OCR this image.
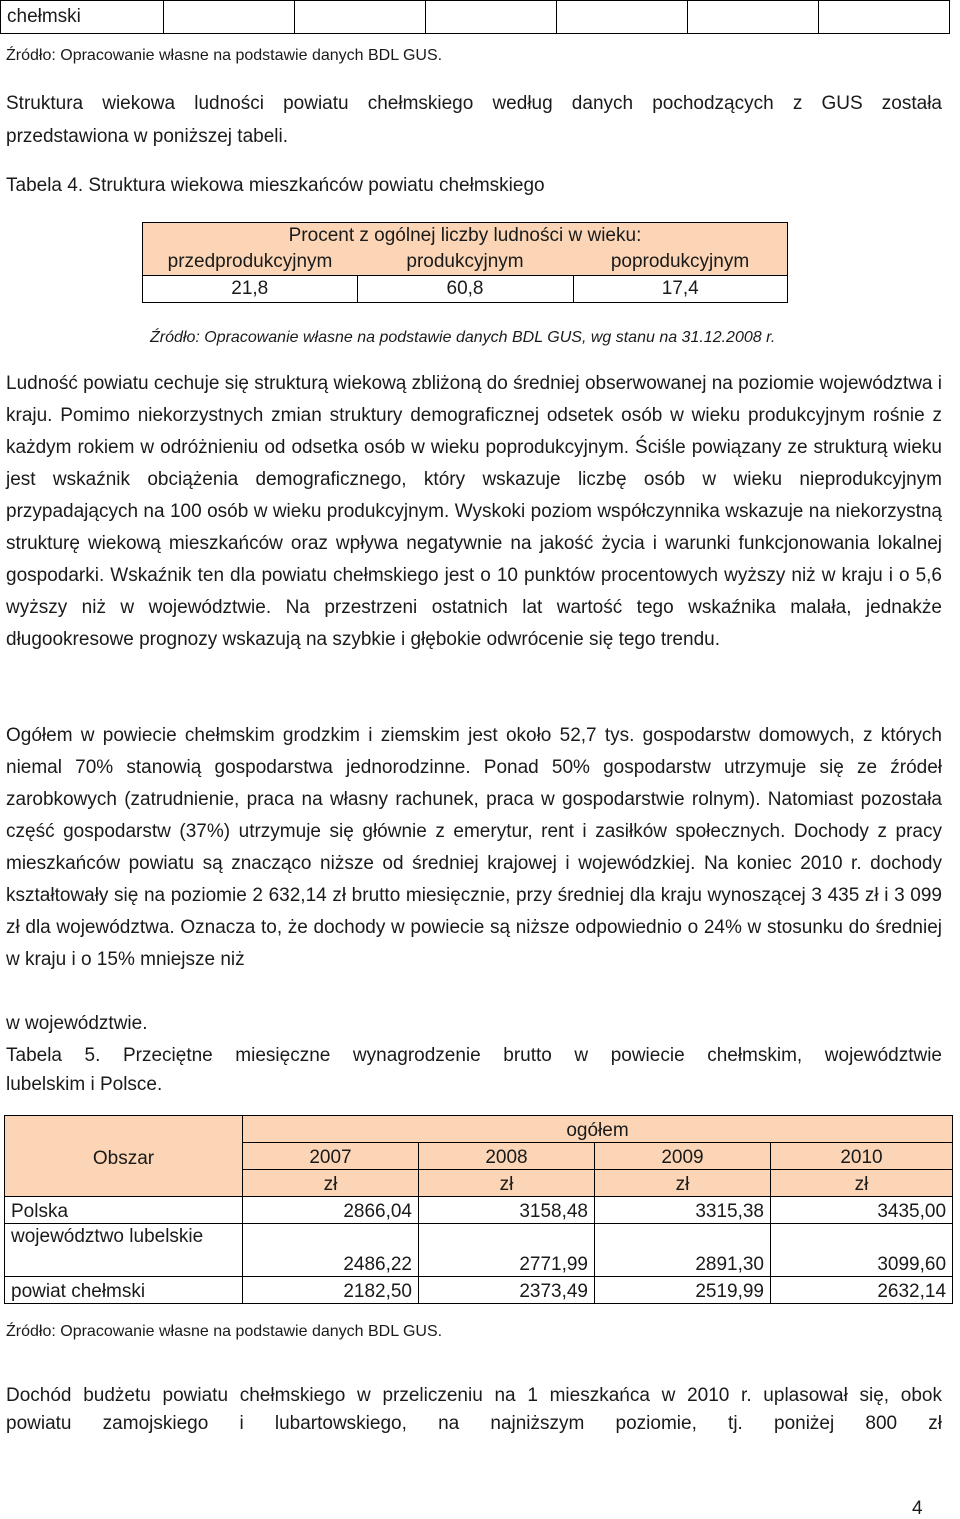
chełmski						
Źródło: Opracowanie własne na podstawie danych BDL GUS.
Struktura wiekowa ludności powiatu chełmskiego według danych pochodzących z GUS została
przedstawiona w poniższej tabeli.
Tabela 4. Struktura wiekowa mieszkańców powiatu chełmskiego
Procent z ogólnej liczby ludności w wieku:		
przedprodukcyjnym	produkcyjnym	poprodukcyjnym
21,8	60,8	17,4
Źródło: Opracowanie własne na podstawie danych BDL GUS, wg stanu na 31.12.2008 r.

Ludność powiatu cechuje się strukturą wiekową zbliżoną do średniej obserwowanej na poziomie województwa i kraju. Pomimo niekorzystnych zmian struktury demograficznej odsetek osób w wieku produkcyjnym rośnie z każdym rokiem w odróżnieniu od odsetka osób w wieku poprodukcyjnym. Ściśle powiązany ze strukturą wieku jest wskaźnik obciążenia demograficznego, który wskazuje liczbę osób w wieku nieprodukcyjnym przypadających na 100 osób w wieku produkcyjnym. Wyskoki poziom współczynnika wskazuje na niekorzystną strukturę wiekową mieszkańców oraz wpływa negatywnie na jakość życia i warunki funkcjonowania lokalnej gospodarki. Wskaźnik ten dla powiatu chełmskiego jest o 10 punktów procentowych wyższy niż w kraju i o 5,6 wyższy niż w województwie. Na przestrzeni ostatnich lat wartość tego wskaźnika malała, jednakże długookresowe prognozy wskazują na szybkie i głębokie odwrócenie się tego trendu.

Ogółem w powiecie chełmskim grodzkim i ziemskim jest około 52,7 tys. gospodarstw domowych, z których niemal 70% stanowią gospodarstwa jednorodzinne. Ponad 50% gospodarstw utrzymuje się ze źródeł zarobkowych (zatrudnienie, praca na własny rachunek, praca w gospodarstwie rolnym). Natomiast pozostała część gospodarstw (37%) utrzymuje się głównie z emerytur, rent i zasiłków społecznych. Dochody z pracy mieszkańców powiatu są znacząco niższe od średniej krajowej i wojewódzkiej. Na koniec 2010 r. dochody kształtowały się na poziomie 2 632,14 zł brutto miesięcznie, przy średniej dla kraju wynoszącej 3 435 zł i 3 099 zł dla województwa. Oznacza to, że dochody w powiecie są niższe odpowiednio o 24% w stosunku do średniej w kraju i o 15% mniejsze niż

w województwie.
Tabela 5. Przeciętne miesięczne wynagrodzenie brutto w powiecie chełmskim, województwie
lubelskim i Polsce.
	ogółem			
Obszar	2007	2008	2009	2010
	zł	zł	zł	zł
Polska	2866,04	3158,48	3315,38	3435,00
województwo lubelskie	2486,22	2771,99	2891,30	3099,60
powiat chełmski	2182,50	2373,49	2519,99	2632,14
Źródło: Opracowanie własne na podstawie danych BDL GUS.
Dochód budżetu powiatu chełmskiego w przeliczeniu na 1 mieszkańca w 2010 r. uplasował się, obok
powiatu zamojskiego i lubartowskiego, na najniższym poziomie, tj. poniżej 800 zł
4
